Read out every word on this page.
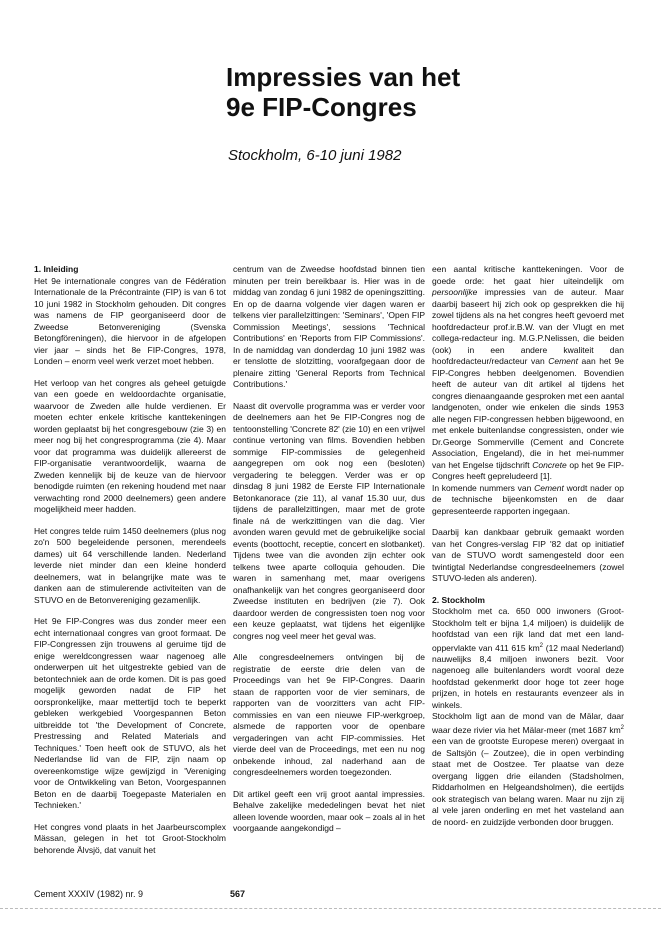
Impressies van het
9e FIP-Congres
Stockholm, 6-10 juni 1982
1. Inleiding

Het 9e internationale congres van de Fédération Internationale de la Précontrainte (FIP) is van 6 tot 10 juni 1982 in Stockholm gehouden. Dit congres was namens de FIP georganiseerd door de Zweedse Betonvereniging (Svenska Betongföreningen), die hiervoor in de afgelopen vier jaar – sinds het 8e FIP-Congres, 1978, Londen – enorm veel werk verzet moet hebben.

Het verloop van het congres als geheel getuigde van een goede en weldoordachte organisatie, waarvoor de Zweden alle hulde verdienen. Er moeten echter enkele kritische kanttekeningen worden geplaatst bij het congresgebouw (zie 3) en meer nog bij het congresprogramma (zie 4). Maar voor dat programma was duidelijk allereerst de FIP-organisatie verantwoordelijk, waarna de Zweden kennelijk bij de keuze van de hiervoor benodigde ruimten (en rekening houdend met naar verwachting rond 2000 deelnemers) geen andere mogelijkheid meer hadden.

Het congres telde ruim 1450 deelnemers (plus nog zo'n 500 begeleidende personen, merendeels dames) uit 64 verschillende landen. Nederland leverde niet minder dan een kleine honderd deelnemers, wat in belangrijke mate was te danken aan de stimulerende activiteiten van de STUVO en de Betonvereniging gezamenlijk.

Het 9e FIP-Congres was dus zonder meer een echt internationaal congres van groot formaat. De FIP-Congressen zijn trouwens al geruime tijd de enige wereldcongressen waar nagenoeg alle onderwerpen uit het uitgestrekte gebied van de betontechniek aan de orde komen. Dit is pas goed mogelijk geworden nadat de FIP het oorspronkelijke, maar mettertijd toch te beperkt gebleken werkgebied Voorgespannen Beton uitbreidde tot 'the Development of Concrete, Prestressing and Related Materials and Techniques.' Toen heeft ook de STUVO, als het Nederlandse lid van de FIP, zijn naam op overeenkomstige wijze gewijzigd in 'Vereniging voor de Ontwikkeling van Beton, Voorgespannen Beton en de daarbij Toegepaste Materialen en Technieken.'

Het congres vond plaats in het Jaarbeurscomplex Mässan, gelegen in het tot Groot-Stockholm behorende Älvsjö, dat vanuit het

centrum van de Zweedse hoofdstad binnen tien minuten per trein bereikbaar is. Hier was in de middag van zondag 6 juni 1982 de openingszitting. En op de daarna volgende vier dagen waren er telkens vier parallelzittingen: 'Seminars', 'Open FIP Commission Meetings', sessions 'Technical Contributions' en 'Reports from FIP Commissions'. In de namiddag van donderdag 10 juni 1982 was er tenslotte de slotzitting, voorafgegaan door de plenaire zitting 'General Reports from Technical Contributions.'

Naast dit overvolle programma was er verder voor de deelnemers aan het 9e FIP-Congres nog de tentoonstelling 'Concrete 82' (zie 10) en een vrijwel continue vertoning van films. Bovendien hebben sommige FIP-commissies de gelegenheid aangegrepen om ook nog een (besloten) vergadering te beleggen. Verder was er op dinsdag 8 juni 1982 de Eerste FIP Internationale Betonkanorace (zie 11), al vanaf 15.30 uur, dus tijdens de parallelzittingen, maar met de grote finale ná de werkzittingen van die dag. Vier avonden waren gevuld met de gebruikelijke social events (boottocht, receptie, concert en slotbanket). Tijdens twee van die avonden zijn echter ook telkens twee aparte colloquia gehouden. Die waren in samenhang met, maar overigens onafhankelijk van het congres georganiseerd door Zweedse instituten en bedrijven (zie 7). Ook daardoor werden de congressisten toen nog voor een keuze geplaatst, wat tijdens het eigenlijke congres nog veel meer het geval was.

Alle congresdeelnemers ontvingen bij de registratie de eerste drie delen van de Proceedings van het 9e FIP-Congres. Daarin staan de rapporten voor de vier seminars, de rapporten van de voorzitters van acht FIP-commissies en van een nieuwe FIP-werkgroep, alsmede de rapporten voor de openbare vergaderingen van acht FIP-commissies. Het vierde deel van de Proceedings, met een nu nog onbekende inhoud, zal naderhand aan de congresdeelnemers worden toegezonden.

Dit artikel geeft een vrij groot aantal impressies. Behalve zakelijke mededelingen bevat het niet alleen lovende woorden, maar ook – zoals al in het voorgaande aangekondigd –

een aantal kritische kanttekeningen. Voor de goede orde: het gaat hier uiteindelijk om persoonlijke impressies van de auteur. Maar daarbij baseert hij zich ook op gesprekken die hij zowel tijdens als na het congres heeft gevoerd met hoofdredacteur prof.ir.B.W. van der Vlugt en met collega-redacteur ing. M.G.P.Nelissen, die beiden (ook) in een andere kwaliteit dan hoofdredacteur/redacteur van Cement aan het 9e FIP-Congres hebben deelgenomen. Bovendien heeft de auteur van dit artikel al tijdens het congres dienaangaande gesproken met een aantal landgenoten, onder wie enkelen die sinds 1953 alle negen FIP-congressen hebben bijgewoond, en met enkele buitenlandse congressisten, onder wie Dr.George Sommerville (Cement and Concrete Association, Engeland), die in het mei-nummer van het Engelse tijdschrift Concrete op het 9e FIP-Congres heeft gepreludeerd [1].

In komende nummers van Cement wordt nader op de technische bijeenkomsten en de daar gepresenteerde rapporten ingegaan.

Daarbij kan dankbaar gebruik gemaakt worden van het Congres-verslag FIP '82 dat op initiatief van de STUVO wordt samengesteld door een twintigtal Nederlandse congresdeelnemers (zowel STUVO-leden als anderen).

2. Stockholm

Stockholm met ca. 650 000 inwoners (Groot-Stockholm telt er bijna 1,4 miljoen) is duidelijk de hoofdstad van een rijk land dat met een land-oppervlakte van 411 615 $km^2$ (12 maal Nederland) nauwelijks 8,4 miljoen inwoners bezit. Voor nagenoeg alle buitenlanders wordt vooral deze hoofdstad gekenmerkt door hoge tot zeer hoge prijzen, in hotels en restaurants evenzeer als in winkels.

Stockholm ligt aan de mond van de Mälar, daar waar deze rivier via het Mälar-meer (met 1687 $km^2$ een van de grootste Europese meren) overgaat in de Saltsjön (– Zoutzee), die in open verbinding staat met de Oostzee. Ter plaatse van deze overgang liggen drie eilanden (Stadsholmen, Riddarholmen en Helgeandsholmen), die eertijds ook strategisch van belang waren. Maar nu zijn zij al vele jaren onderling en met het vasteland aan de noord- en zuidzijde verbonden door bruggen.

Cement XXXIV (1982) nr. 9	567
